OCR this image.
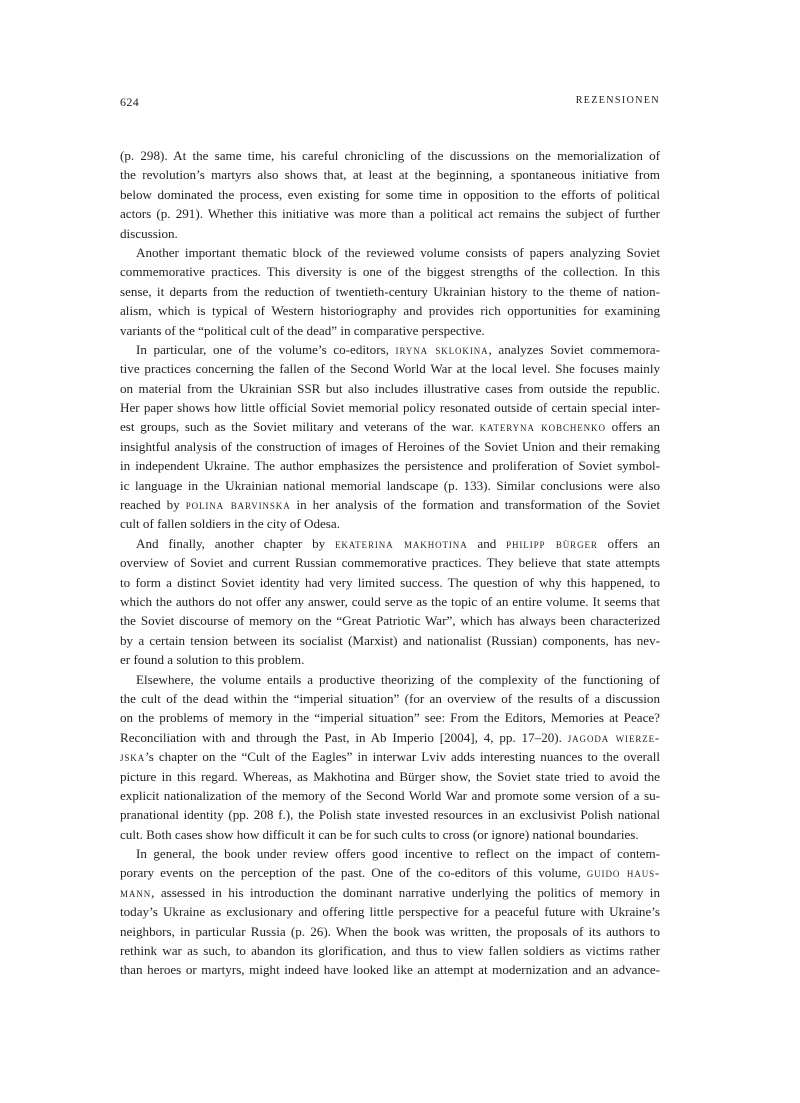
624	REZENSIONEN
(p. 298). At the same time, his careful chronicling of the discussions on the memorialization of
the revolution’s martyrs also shows that, at least at the beginning, a spontaneous initiative from
below dominated the process, even existing for some time in opposition to the efforts of political
actors (p. 291). Whether this initiative was more than a political act remains the subject of further
discussion.
Another important thematic block of the reviewed volume consists of papers analyzing Soviet
commemorative practices. This diversity is one of the biggest strengths of the collection. In this
sense, it departs from the reduction of twentieth-century Ukrainian history to the theme of nation-
alism, which is typical of Western historiography and provides rich opportunities for examining
variants of the “political cult of the dead” in comparative perspective.
In particular, one of the volume’s co-editors, iryna sklokina, analyzes Soviet commemora-
tive practices concerning the fallen of the Second World War at the local level. She focuses mainly
on material from the Ukrainian SSR but also includes illustrative cases from outside the republic.
Her paper shows how little official Soviet memorial policy resonated outside of certain special inter-
est groups, such as the Soviet military and veterans of the war. kateryna kobchenko offers an
insightful analysis of the construction of images of Heroines of the Soviet Union and their remaking
in independent Ukraine. The author emphasizes the persistence and proliferation of Soviet symbol-
ic language in the Ukrainian national memorial landscape (p. 133). Similar conclusions were also
reached by polina barvinska in her analysis of the formation and transformation of the Soviet
cult of fallen soldiers in the city of Odesa.
And finally, another chapter by ekaterina makhotina and philipp bürger offers an
overview of Soviet and current Russian commemorative practices. They believe that state attempts
to form a distinct Soviet identity had very limited success. The question of why this happened, to
which the authors do not offer any answer, could serve as the topic of an entire volume. It seems that
the Soviet discourse of memory on the “Great Patriotic War”, which has always been characterized
by a certain tension between its socialist (Marxist) and nationalist (Russian) components, has nev-
er found a solution to this problem.
Elsewhere, the volume entails a productive theorizing of the complexity of the functioning of
the cult of the dead within the “imperial situation” (for an overview of the results of a discussion
on the problems of memory in the “imperial situation” see: From the Editors, Memories at Peace?
Reconciliation with and through the Past, in Ab Imperio [2004], 4, pp. 17–20). jagoda wierze-
jska’s chapter on the “Cult of the Eagles” in interwar Lviv adds interesting nuances to the overall
picture in this regard. Whereas, as Makhotina and Bürger show, the Soviet state tried to avoid the
explicit nationalization of the memory of the Second World War and promote some version of a su-
pranational identity (pp. 208 f.), the Polish state invested resources in an exclusivist Polish national
cult. Both cases show how difficult it can be for such cults to cross (or ignore) national boundaries.
In general, the book under review offers good incentive to reflect on the impact of contem-
porary events on the perception of the past. One of the co-editors of this volume, guido haus-
mann, assessed in his introduction the dominant narrative underlying the politics of memory in
today’s Ukraine as exclusionary and offering little perspective for a peaceful future with Ukraine’s
neighbors, in particular Russia (p. 26). When the book was written, the proposals of its authors to
rethink war as such, to abandon its glorification, and thus to view fallen soldiers as victims rather
than heroes or martyrs, might indeed have looked like an attempt at modernization and an advance-
